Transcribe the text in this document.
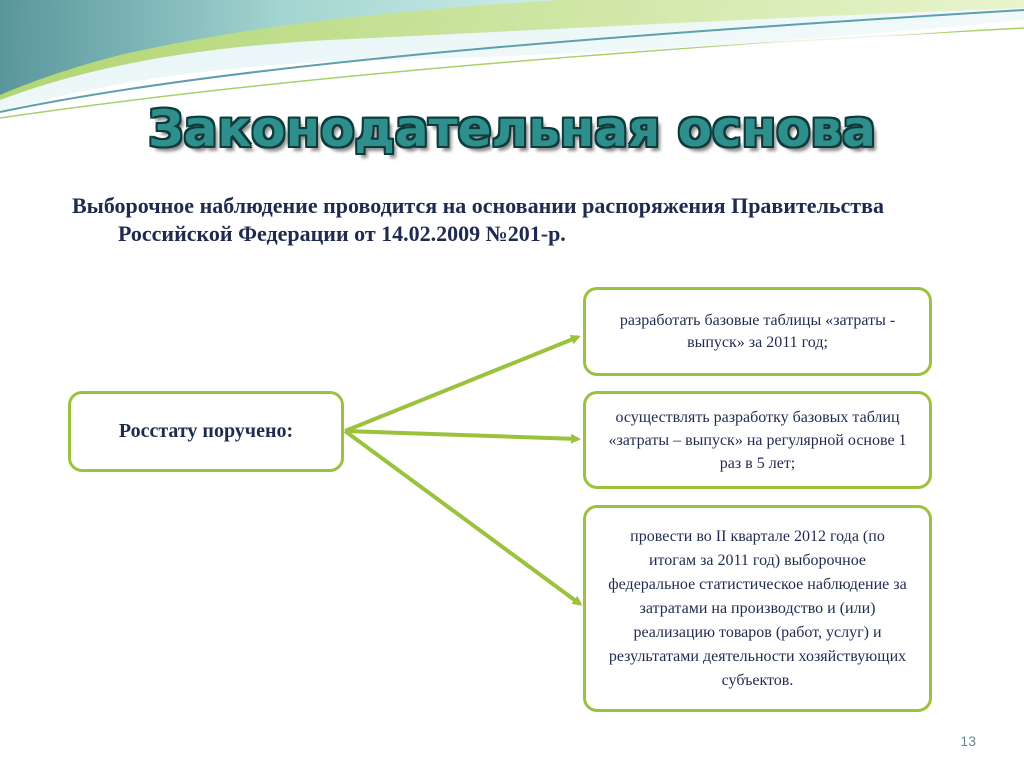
Законодательная основа
Выборочное наблюдение проводится на основании распоряжения Правительства Российской Федерации от 14.02.2009 №201-р.
Росстату поручено:
разработать базовые таблицы «затраты - выпуск» за 2011 год;
осуществлять разработку базовых таблиц «затраты – выпуск» на регулярной основе 1 раз в 5 лет;
провести во II квартале 2012 года (по итогам за 2011 год) выборочное федеральное статистическое наблюдение за затратами на производство и (или) реализацию товаров (работ, услуг) и результатами деятельности хозяйствующих субъектов.
13
